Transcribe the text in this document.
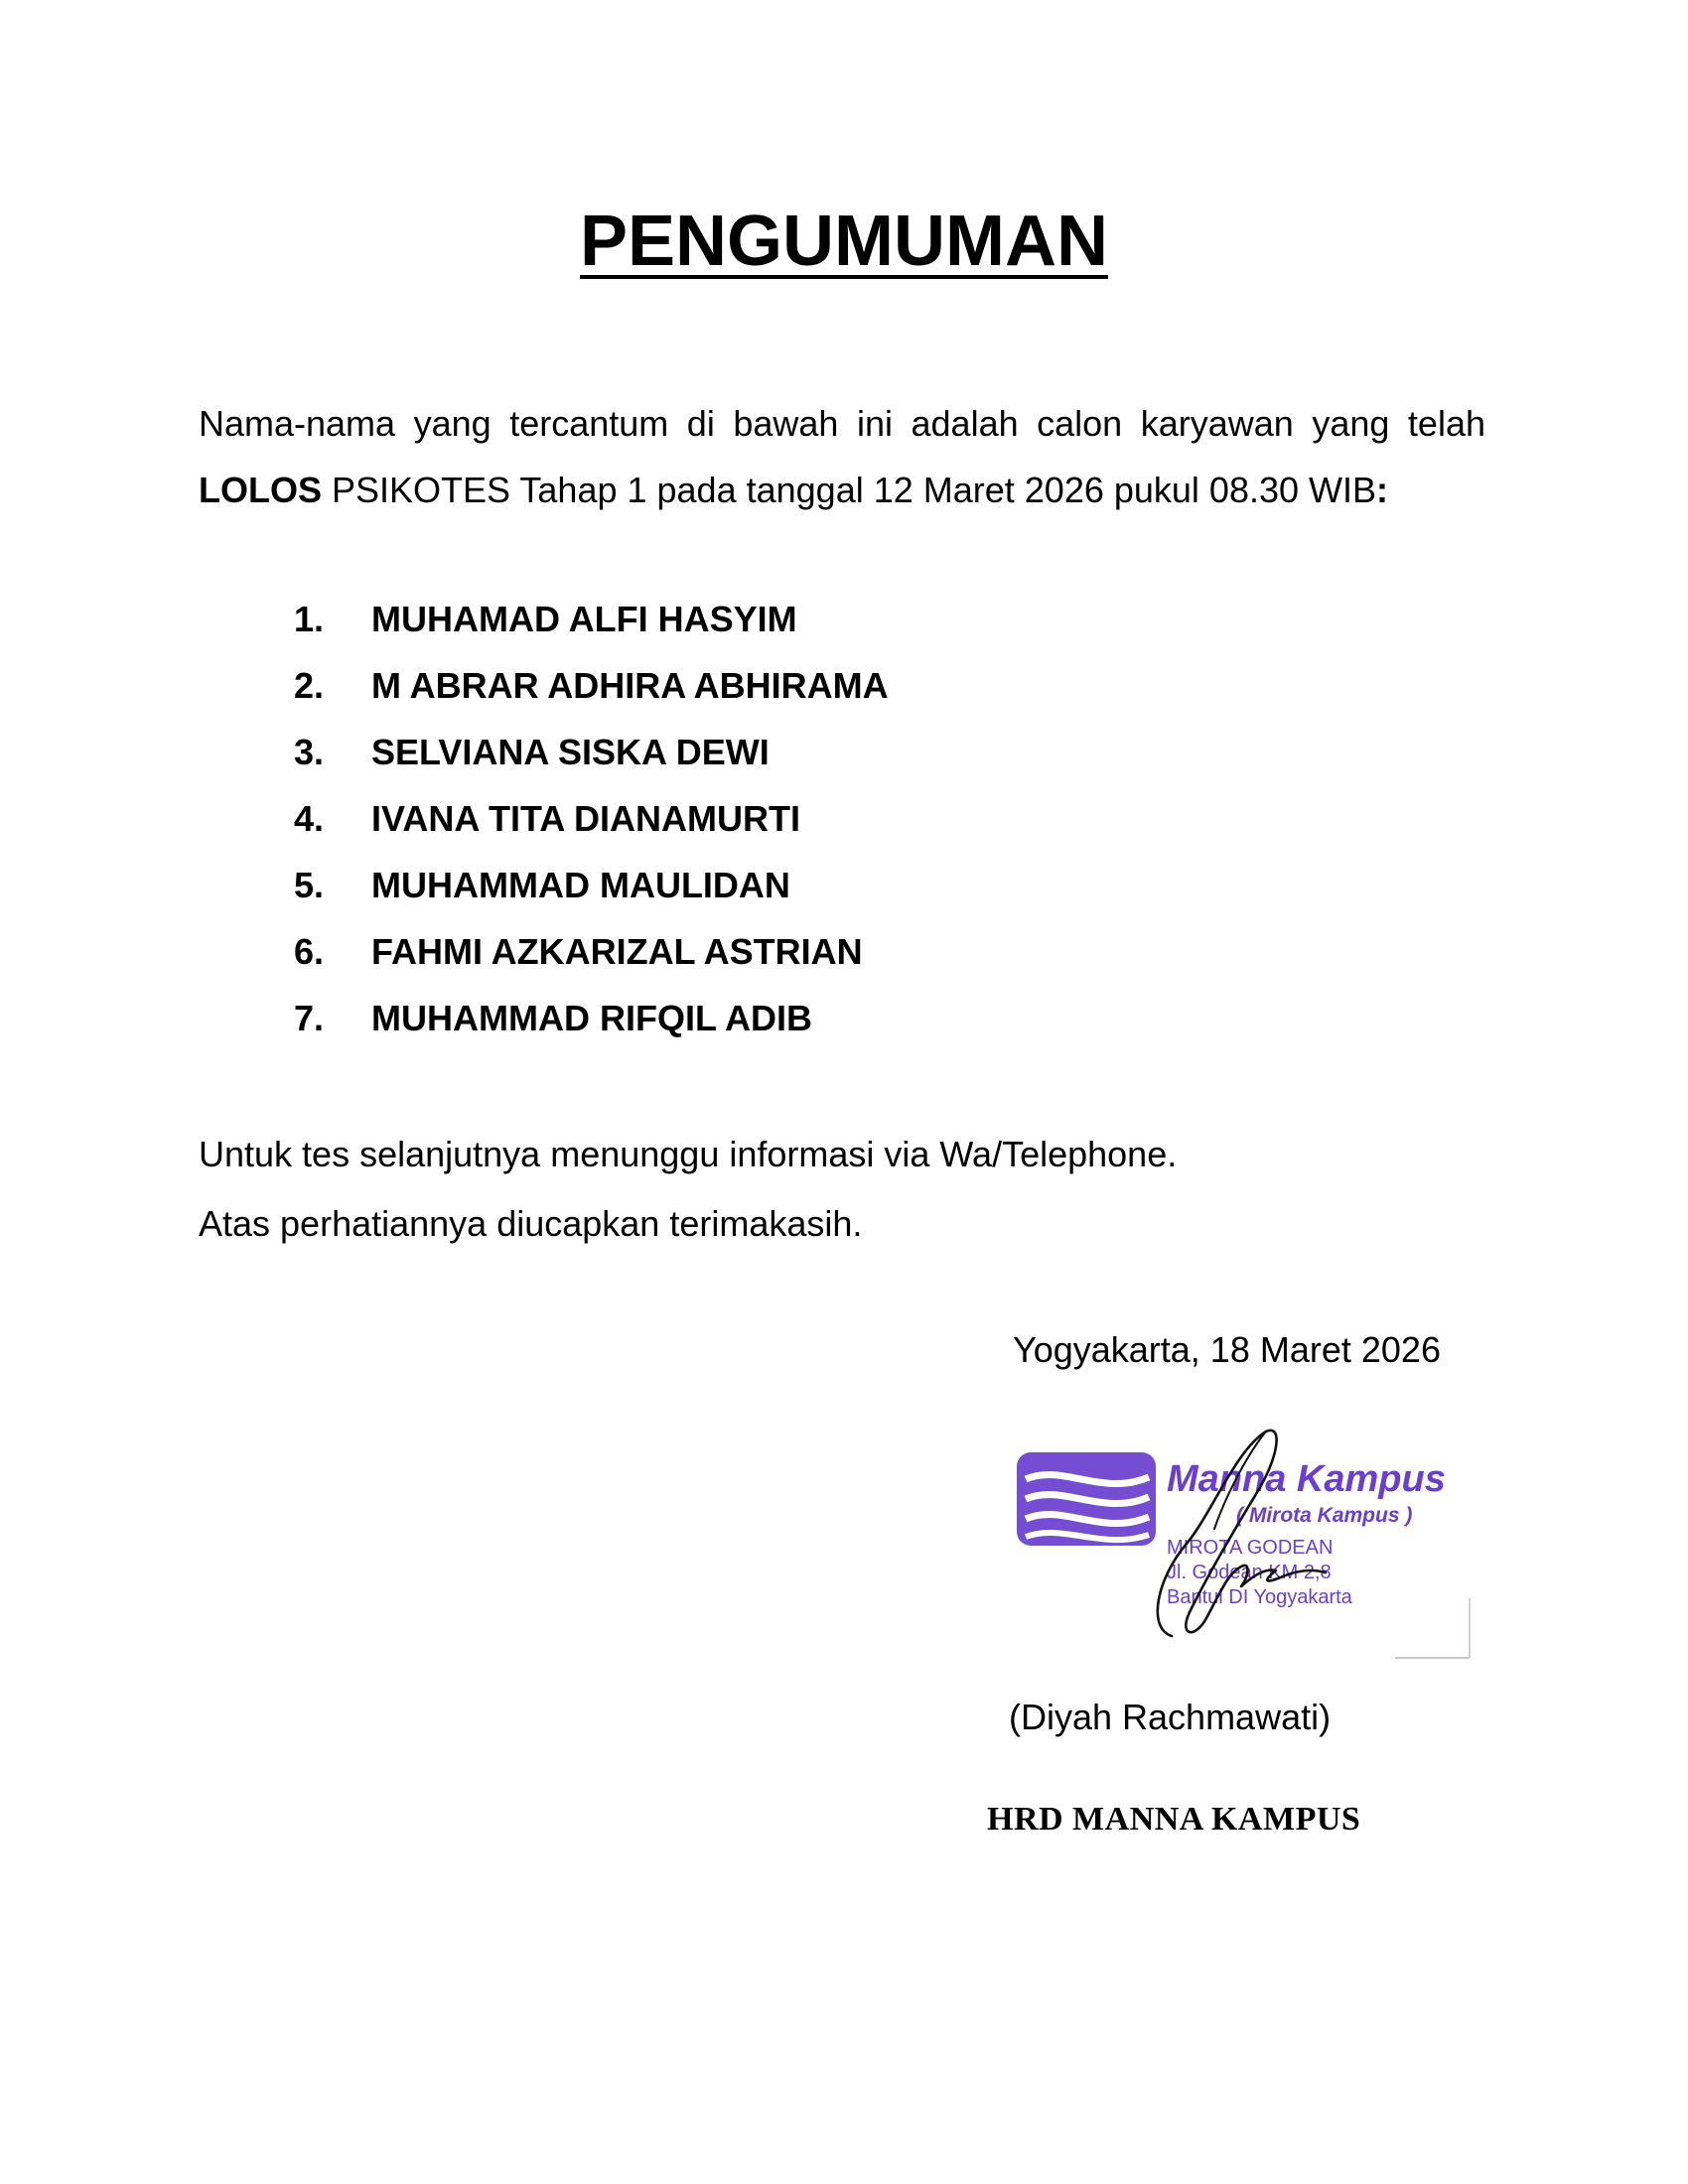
PENGUMUMAN

Nama-nama yang tercantum di bawah ini adalah calon karyawan yang telah LOLOS PSIKOTES Tahap 1 pada tanggal 12 Maret 2026 pukul 08.30 WIB:

1. MUHAMAD ALFI HASYIM
2. M ABRAR ADHIRA ABHIRAMA
3. SELVIANA SISKA DEWI
4. IVANA TITA DIANAMURTI
5. MUHAMMAD MAULIDAN
6. FAHMI AZKARIZAL ASTRIAN
7. MUHAMMAD RIFQIL ADIB
Untuk tes selanjutnya menunggu informasi via Wa/Telephone.
Atas perhatiannya diucapkan terimakasih.
Yogyakarta, 18 Maret 2026
Manna Kampus
( Mirota Kampus )
MIROTA GODEAN
Jl. Godean KM 2,8
Bantul DI Yogyakarta
(Diyah Rachmawati)
HRD MANNA KAMPUS
